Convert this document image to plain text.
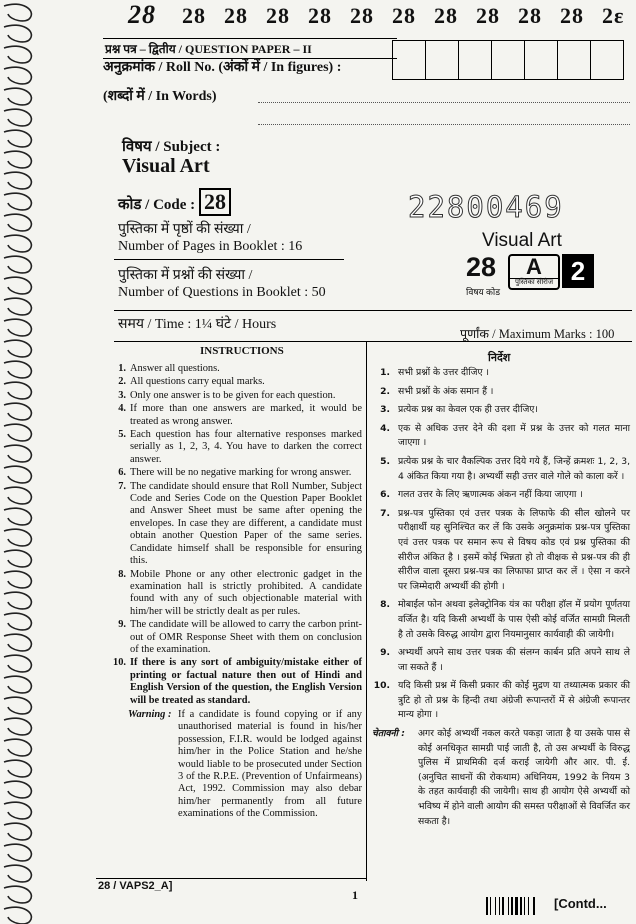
28 28 28 28 28 28 28 28 28 28 28 2ε
प्रश्न पत्र – द्वितीय / QUESTION PAPER – II
अनुक्रमांक / Roll No. (अंकों में / In figures) :
(शब्दों में / In Words)
विषय / Subject :
Visual Art
कोड / Code : 28
पुस्तिका में पृष्ठों की संख्या /
Number of Pages in Booklet : 16
पुस्तिका में प्रश्नों की संख्या /
Number of Questions in Booklet : 50
22800469
Visual Art
28	A
पुस्तिका सीरीज 2
विषय कोड
समय / Time : 1¼ घंटे / Hours
पूर्णांक / Maximum Marks : 100
INSTRUCTIONS
1. Answer all questions.
2. All questions carry equal marks.
3. Only one answer is to be given for each question.
4. If more than one answers are marked, it would be treated as wrong answer.
5. Each question has four alternative responses marked serially as 1, 2, 3, 4. You have to darken the correct answer.
6. There will be no negative marking for wrong answer.
7. The candidate should ensure that Roll Number, Subject Code and Series Code on the Question Paper Booklet and Answer Sheet must be same after opening the envelopes. In case they are different, a candidate must obtain another Question Paper of the same series. Candidate himself shall be responsible for ensuring this.
8. Mobile Phone or any other electronic gadget in the examination hall is strictly prohibited. A candidate found with any of such objectionable material with him/her will be strictly dealt as per rules.
9. The candidate will be allowed to carry the carbon print-out of OMR Response Sheet with them on conclusion of the examination.
10. If there is any sort of ambiguity/mistake either of printing or factual nature then out of Hindi and English Version of the question, the English Version will be treated as standard.
Warning : If a candidate is found copying or if any unauthorised material is found in his/her possession, F.I.R. would be lodged against him/her in the Police Station and he/she would liable to be prosecuted under Section 3 of the R.P.E. (Prevention of Unfairmeans) Act, 1992. Commission may also debar him/her permanently from all future examinations of the Commission.
निर्देश
1. सभी प्रश्नों के उत्तर दीजिए ।
2. सभी प्रश्नों के अंक समान हैं ।
3. प्रत्येक प्रश्न का केवल एक ही उत्तर दीजिए।
4. एक से अधिक उत्तर देने की दशा में प्रश्न के उत्तर को गलत माना जाएगा ।
5. प्रत्येक प्रश्न के चार वैकल्पिक उत्तर दिये गये हैं, जिन्हें क्रमशः 1, 2, 3, 4 अंकित किया गया है। अभ्यर्थी सही उत्तर वाले गोले को काला करें ।
6. गलत उत्तर के लिए ऋणात्मक अंकन नहीं किया जाएगा ।
7. प्रश्न-पत्र पुस्तिका एवं उत्तर पत्रक के लिफाफे की सील खोलने पर परीक्षार्थी यह सुनिश्चित कर लें कि उसके अनुक्रमांक प्रश्न-पत्र पुस्तिका एवं उत्तर पत्रक पर समान रूप से विषय कोड एवं प्रश्न पुस्तिका की सीरीज अंकित है । इसमें कोई भिन्नता हो तो वीक्षक से प्रश्न-पत्र की ही सीरीज वाला दूसरा प्रश्न-पत्र का लिफाफा प्राप्त कर लें । ऐसा न करने पर जिम्मेदारी अभ्यर्थी की होगी ।
8. मोबाईल फोन अथवा इलेक्ट्रोनिक यंत्र का परीक्षा हॉल में प्रयोग पूर्णतया वर्जित है। यदि किसी अभ्यर्थी के पास ऐसी कोई वर्जित सामग्री मिलती है तो उसके विरुद्ध आयोग द्वारा नियमानुसार कार्यवाही की जायेगी।
9. अभ्यर्थी अपने साथ उत्तर पत्रक की संलग्न कार्बन प्रति अपने साथ ले जा सकते हैं ।
10. यदि किसी प्रश्न में किसी प्रकार की कोई मुद्रण या तथ्यात्मक प्रकार की त्रुटि हो तो प्रश्न के हिन्दी तथा अंग्रेजी रूपान्तरों में से अंग्रेजी रूपान्तर मान्य होगा ।
चेतावनी : अगर कोई अभ्यर्थी नकल करते पकड़ा जाता है या उसके पास से कोई अनधिकृत सामग्री पाई जाती है, तो उस अभ्यर्थी के विरुद्ध पुलिस में प्राथमिकी दर्ज कराई जायेगी और आर. पी. ई. (अनुचित साधनों की रोकथाम) अधिनियम, 1992 के नियम 3 के तहत कार्यवाही की जायेगी। साथ ही आयोग ऐसे अभ्यर्थी को भविष्य में होने वाली आयोग की समस्त परीक्षाओं से विवर्जित कर सकता है।
28 / VAPS2_A]
1
[Contd...
